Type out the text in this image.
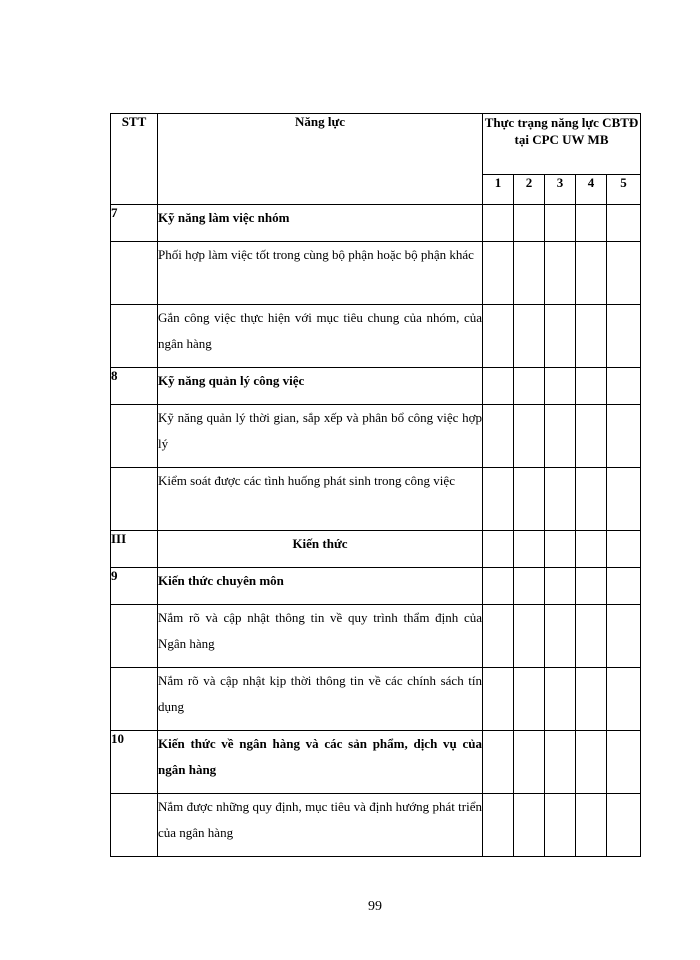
STT	Năng lực	Thực trạng năng lực CBTĐ tại CPC UW MB				
		1	2	3	4	5
7	Kỹ năng làm việc nhóm					
	Phối hợp làm việc tốt trong cùng bộ phận hoặc bộ phận khác					
	Gắn công việc thực hiện với mục tiêu chung của nhóm, của ngân hàng					
8	Kỹ năng quản lý công việc					
	Kỹ năng quản lý thời gian, sắp xếp và phân bổ công việc hợp lý					
	Kiểm soát được các tình huống phát sinh trong công việc					
III	Kiến thức					
9	Kiến thức chuyên môn					
	Nắm rõ và cập nhật thông tin về quy trình thẩm định của Ngân hàng					
	Nắm rõ và cập nhật kịp thời thông tin về các chính sách tín dụng					
10	Kiến thức về ngân hàng và các sản phẩm, dịch vụ của ngân hàng					
	Nắm được những quy định, mục tiêu và định hướng phát triển của ngân hàng					
99
